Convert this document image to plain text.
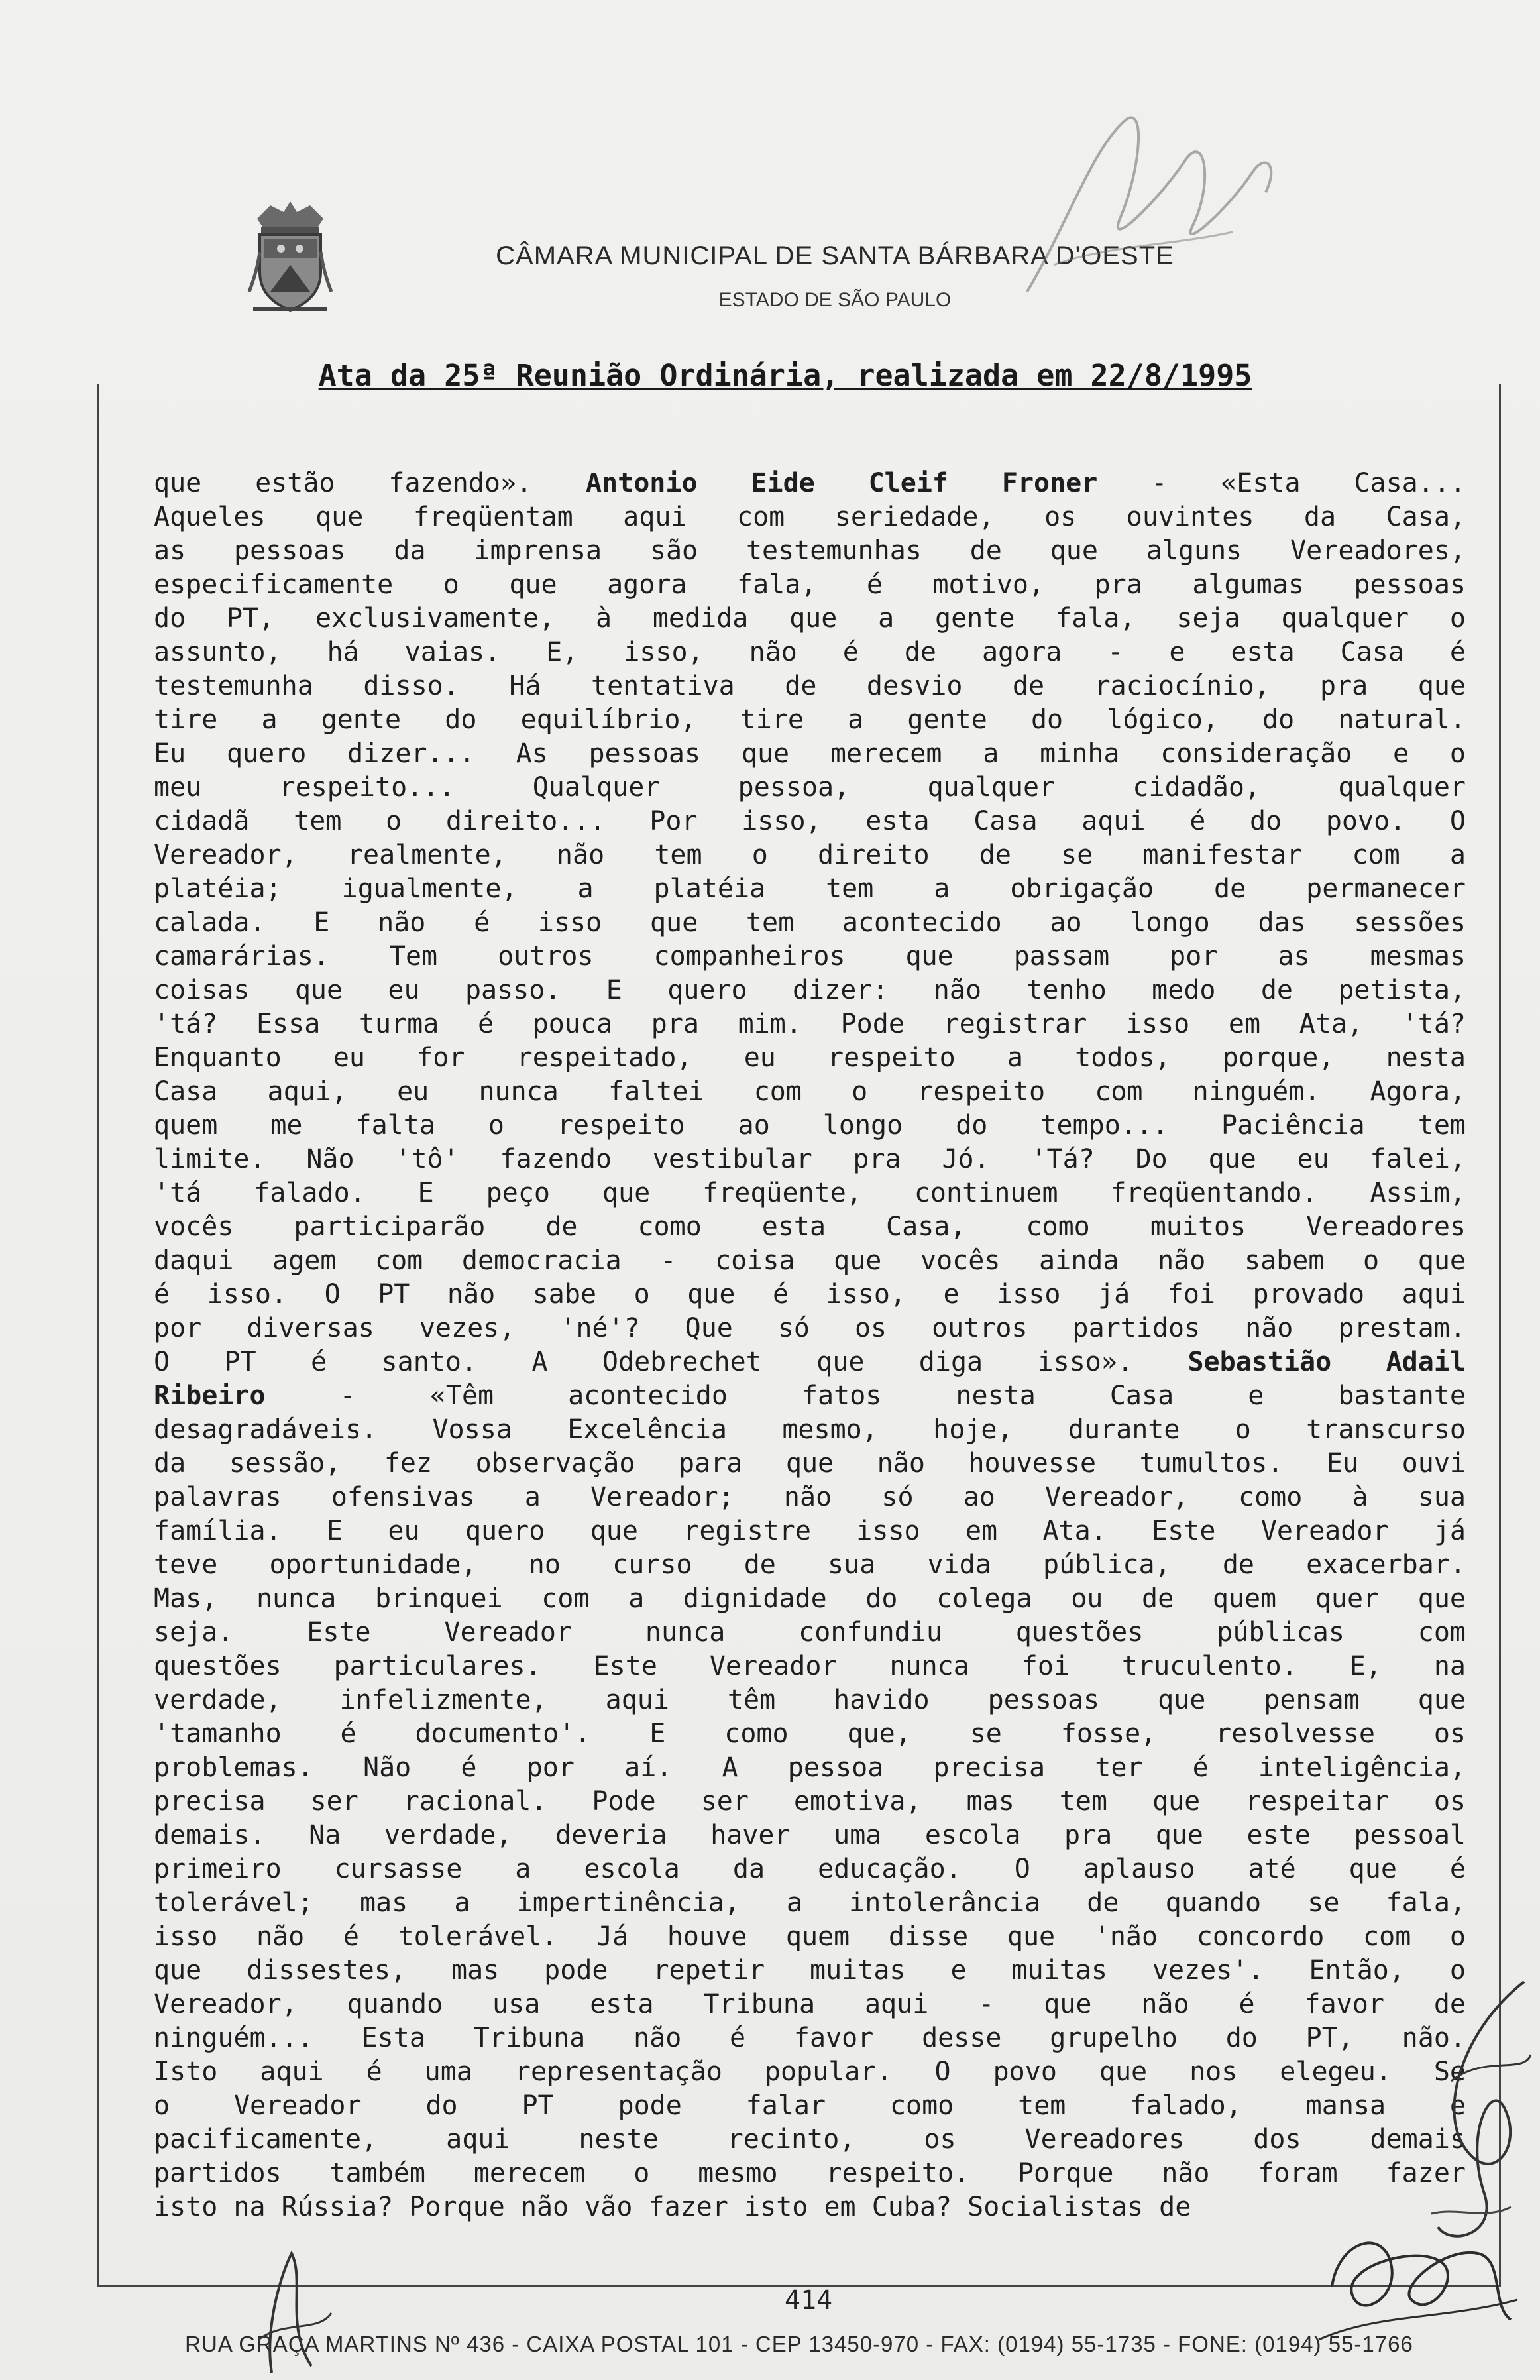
CÂMARA MUNICIPAL DE SANTA BÁRBARA D'OESTE
ESTADO DE SÃO PAULO
Ata da 25ª Reunião Ordinária, realizada em 22/8/1995
que estão fazendo». Antonio Eide Cleif Froner - «Esta Casa...
Aqueles que freqüentam aqui com seriedade, os ouvintes da Casa,
as pessoas da imprensa são testemunhas de que alguns Vereadores,
especificamente o que agora fala, é motivo, pra algumas pessoas
do PT, exclusivamente, à medida que a gente fala, seja qualquer o
assunto, há vaias. E, isso, não é de agora - e esta Casa é
testemunha disso. Há tentativa de desvio de raciocínio, pra que
tire a gente do equilíbrio, tire a gente do lógico, do natural.
Eu quero dizer... As pessoas que merecem a minha consideração e o
meu respeito... Qualquer pessoa, qualquer cidadão, qualquer
cidadã tem o direito... Por isso, esta Casa aqui é do povo. O
Vereador, realmente, não tem o direito de se manifestar com a
platéia; igualmente, a platéia tem a obrigação de permanecer
calada. E não é isso que tem acontecido ao longo das sessões
camarárias. Tem outros companheiros que passam por as mesmas
coisas que eu passo. E quero dizer: não tenho medo de petista,
'tá? Essa turma é pouca pra mim. Pode registrar isso em Ata, 'tá?
Enquanto eu for respeitado, eu respeito a todos, porque, nesta
Casa aqui, eu nunca faltei com o respeito com ninguém. Agora,
quem me falta o respeito ao longo do tempo... Paciência tem
limite. Não 'tô' fazendo vestibular pra Jó. 'Tá? Do que eu falei,
'tá falado. E peço que freqüente, continuem freqüentando. Assim,
vocês participarão de como esta Casa, como muitos Vereadores
daqui agem com democracia - coisa que vocês ainda não sabem o que
é isso. O PT não sabe o que é isso, e isso já foi provado aqui
por diversas vezes, 'né'? Que só os outros partidos não prestam.
O PT é santo. A Odebrechet que diga isso». Sebastião Adail
Ribeiro - «Têm acontecido fatos nesta Casa e bastante
desagradáveis. Vossa Excelência mesmo, hoje, durante o transcurso
da sessão, fez observação para que não houvesse tumultos. Eu ouvi
palavras ofensivas a Vereador; não só ao Vereador, como à sua
família. E eu quero que registre isso em Ata. Este Vereador já
teve oportunidade, no curso de sua vida pública, de exacerbar.
Mas, nunca brinquei com a dignidade do colega ou de quem quer que
seja. Este Vereador nunca confundiu questões públicas com
questões particulares. Este Vereador nunca foi truculento. E, na
verdade, infelizmente, aqui têm havido pessoas que pensam que
'tamanho é documento'. E como que, se fosse, resolvesse os
problemas. Não é por aí. A pessoa precisa ter é inteligência,
precisa ser racional. Pode ser emotiva, mas tem que respeitar os
demais. Na verdade, deveria haver uma escola pra que este pessoal
primeiro cursasse a escola da educação. O aplauso até que é
tolerável; mas a impertinência, a intolerância de quando se fala,
isso não é tolerável. Já houve quem disse que 'não concordo com o
que dissestes, mas pode repetir muitas e muitas vezes'. Então, o
Vereador, quando usa esta Tribuna aqui - que não é favor de
ninguém... Esta Tribuna não é favor desse grupelho do PT, não.
Isto aqui é uma representação popular. O povo que nos elegeu. Se
o Vereador do PT pode falar como tem falado, mansa e
pacificamente, aqui neste recinto, os Vereadores dos demais
partidos também merecem o mesmo respeito. Porque não foram fazer
isto na Rússia? Porque não vão fazer isto em Cuba? Socialistas de
414
RUA GRAÇA MARTINS Nº 436 - CAIXA POSTAL 101 - CEP 13450-970 - FAX: (0194) 55-1735 - FONE: (0194) 55-1766
